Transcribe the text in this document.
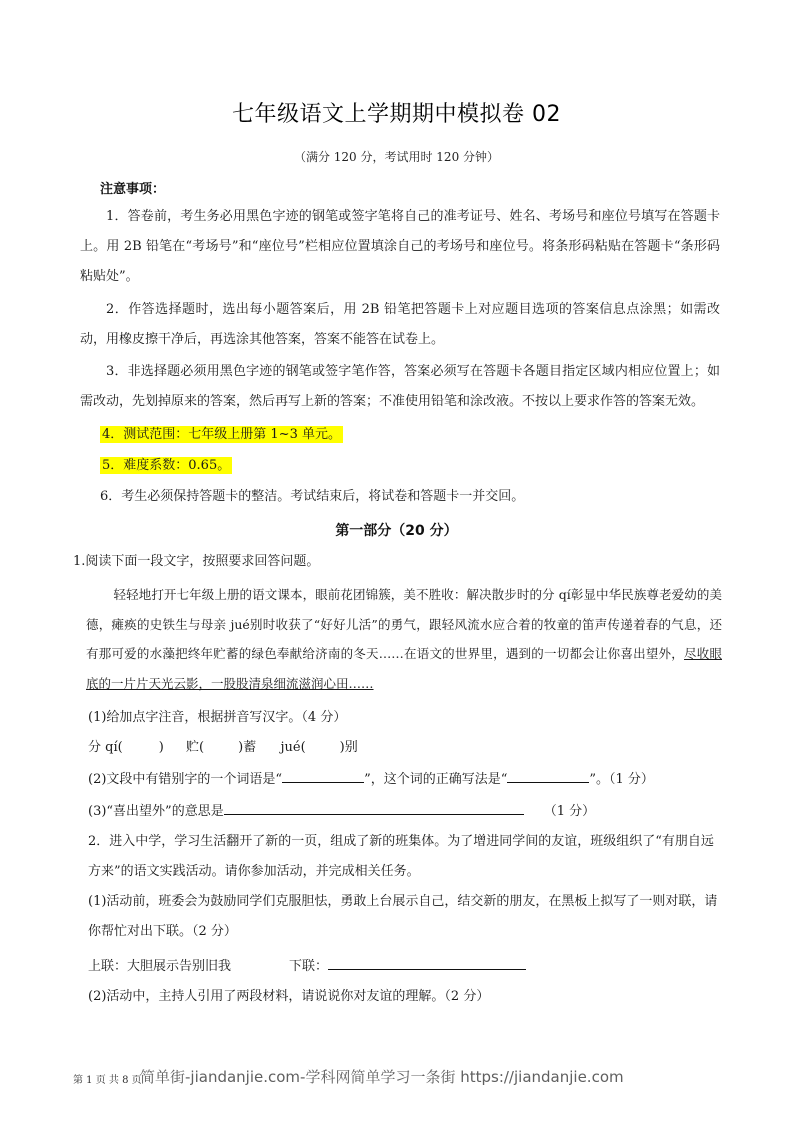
七年级语文上学期期中模拟卷 02
（满分 120 分，考试用时 120 分钟）
注意事项：
1．答卷前，考生务必用黑色字迹的钢笔或签字笔将自己的准考证号、姓名、考场号和座位号填写在答题卡上。用 2B 铅笔在“考场号”和“座位号”栏相应位置填涂自己的考场号和座位号。将条形码粘贴在答题卡“条形码粘贴处”。
2．作答选择题时，选出每小题答案后，用 2B 铅笔把答题卡上对应题目选项的答案信息点涂黑；如需改动，用橡皮擦干净后，再选涂其他答案，答案不能答在试卷上。
3．非选择题必须用黑色字迹的钢笔或签字笔作答，答案必须写在答题卡各题目指定区域内相应位置上；如需改动，先划掉原来的答案，然后再写上新的答案；不准使用铅笔和涂改液。不按以上要求作答的答案无效。
4．测试范围：七年级上册第 1~3 单元。
5．难度系数：0.65。
6．考生必须保持答题卡的整洁。考试结束后，将试卷和答题卡一并交回。
第一部分（20 分）
1.阅读下面一段文字，按照要求回答问题。
轻轻地打开七年级上册的语文课本，眼前花团锦簇，美不胜收：解决散步时的分 qí彰显中华民族尊老爱幼的美德，瘫痪的史铁生与母亲 jué别时收获了“好好儿活”的勇气，跟轻风流水应合着的牧童的笛声传递着春的气息，还有那可爱的水藻把终年贮蓄的绿色奉献给济南的冬天……在语文的世界里，遇到的一切都会让你喜出望外，尽收眼底的一片片天光云影，一股股清泉细流滋润心田……
(1)给加点字注音，根据拼音写汉字。（4 分）
分 qí(	) 贮(	)蓄 jué(	)别
(2)文段中有错别字的一个词语是“	”，这个词的正确写法是“	”。（1 分）
(3)“喜出望外”的意思是	（1 分）
2．进入中学，学习生活翻开了新的一页，组成了新的班集体。为了增进同学间的友谊，班级组织了“有朋自远方来”的语文实践活动。请你参加活动，并完成相关任务。
(1)活动前，班委会为鼓励同学们克服胆怯，勇敢上台展示自己，结交新的朋友，在黑板上拟写了一则对联，请你帮忙对出下联。（2 分）
上联：大胆展示告别旧我	下联：
(2)活动中，主持人引用了两段材料，请说说你对友谊的理解。（2 分）
第 1 页 共 8 页
简单街-jiandanjie.com-学科网简单学习一条街 https://jiandanjie.com
